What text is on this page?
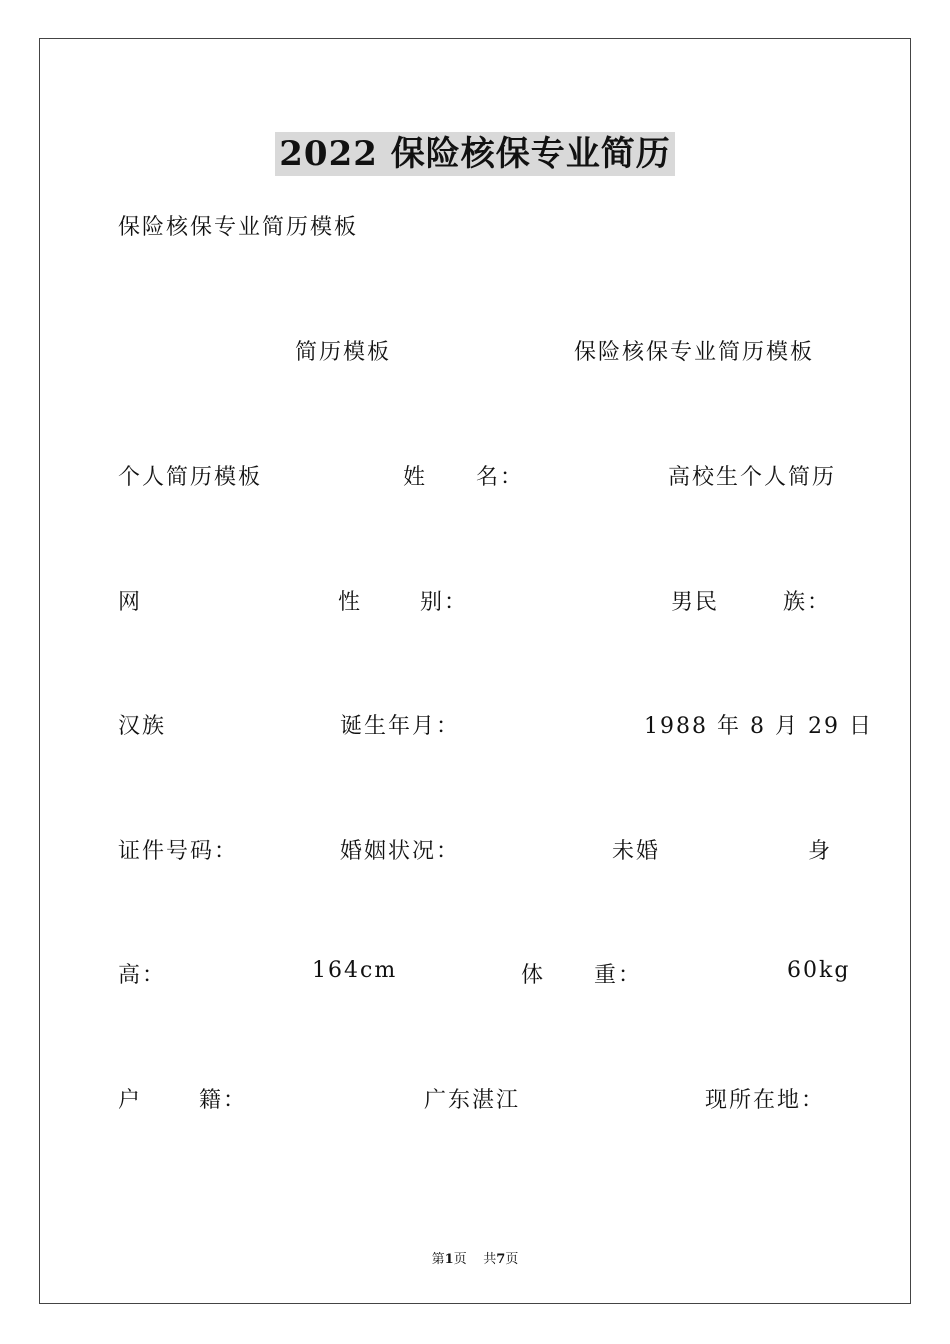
2022 保险核保专业简历
保险核保专业简历模板
简历模板	保险核保专业简历模板
个人简历模板	姓 名：	高校生个人简历
网	性	别：	男民	族：
汉族	诞生年月：	1988 年 8 月 29 日
证件号码：	婚姻状况：	未婚	身
高：	164cm	体 重：	60kg
户	籍：	广东湛江	现所在地：
第1页 共7页
